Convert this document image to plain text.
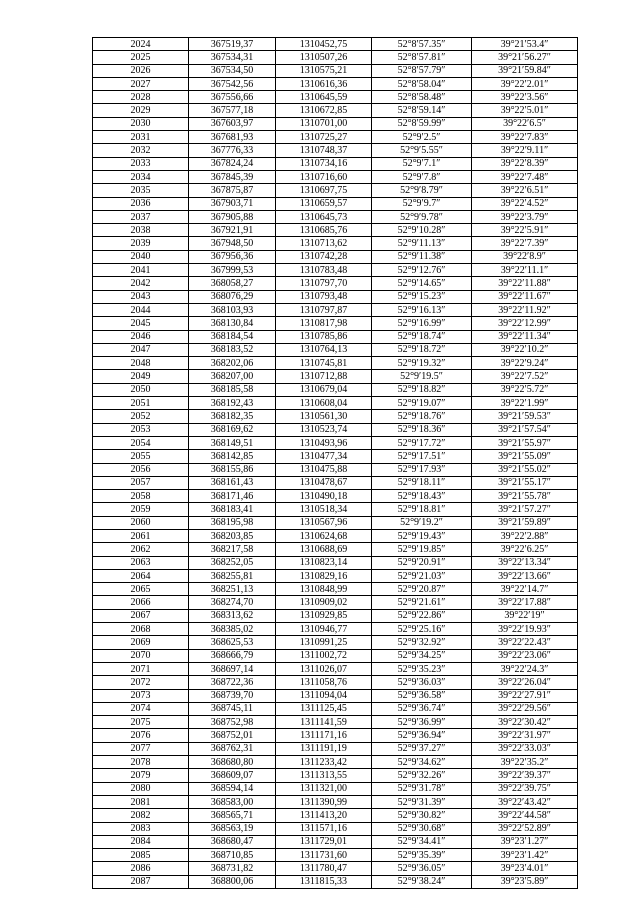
2024	367519,37	1310452,75	52°8′57.35″	39°21′53.4″
2025	367534,31	1310507,26	52°8′57.81″	39°21′56.27″
2026	367534,50	1310575,21	52°8′57.79″	39°21′59.84″
2027	367542,56	1310616,36	52°8′58.04″	39°22′2.01″
2028	367556,66	1310645,59	52°8′58.48″	39°22′3.56″
2029	367577,18	1310672,85	52°8′59.14″	39°22′5.01″
2030	367603,97	1310701,00	52°8′59.99″	39°22′6.5″
2031	367681,93	1310725,27	52°9′2.5″	39°22′7.83″
2032	367776,33	1310748,37	52°9′5.55″	39°22′9.11″
2033	367824,24	1310734,16	52°9′7.1″	39°22′8.39″
2034	367845,39	1310716,60	52°9′7.8″	39°22′7.48″
2035	367875,87	1310697,75	52°9′8.79″	39°22′6.51″
2036	367903,71	1310659,57	52°9′9.7″	39°22′4.52″
2037	367905,88	1310645,73	52°9′9.78″	39°22′3.79″
2038	367921,91	1310685,76	52°9′10.28″	39°22′5.91″
2039	367948,50	1310713,62	52°9′11.13″	39°22′7.39″
2040	367956,36	1310742,28	52°9′11.38″	39°22′8.9″
2041	367999,53	1310783,48	52°9′12.76″	39°22′11.1″
2042	368058,27	1310797,70	52°9′14.65″	39°22′11.88″
2043	368076,29	1310793,48	52°9′15.23″	39°22′11.67″
2044	368103,93	1310797,87	52°9′16.13″	39°22′11.92″
2045	368130,84	1310817,98	52°9′16.99″	39°22′12.99″
2046	368184,54	1310785,86	52°9′18.74″	39°22′11.34″
2047	368183,52	1310764,13	52°9′18.72″	39°22′10.2″
2048	368202,06	1310745,81	52°9′19.32″	39°22′9.24″
2049	368207,00	1310712,88	52°9′19.5″	39°22′7.52″
2050	368185,58	1310679,04	52°9′18.82″	39°22′5.72″
2051	368192,43	1310608,04	52°9′19.07″	39°22′1.99″
2052	368182,35	1310561,30	52°9′18.76″	39°21′59.53″
2053	368169,62	1310523,74	52°9′18.36″	39°21′57.54″
2054	368149,51	1310493,96	52°9′17.72″	39°21′55.97″
2055	368142,85	1310477,34	52°9′17.51″	39°21′55.09″
2056	368155,86	1310475,88	52°9′17.93″	39°21′55.02″
2057	368161,43	1310478,67	52°9′18.11″	39°21′55.17″
2058	368171,46	1310490,18	52°9′18.43″	39°21′55.78″
2059	368183,41	1310518,34	52°9′18.81″	39°21′57.27″
2060	368195,98	1310567,96	52°9′19.2″	39°21′59.89″
2061	368203,85	1310624,68	52°9′19.43″	39°22′2.88″
2062	368217,58	1310688,69	52°9′19.85″	39°22′6.25″
2063	368252,05	1310823,14	52°9′20.91″	39°22′13.34″
2064	368255,81	1310829,16	52°9′21.03″	39°22′13.66″
2065	368251,13	1310848,99	52°9′20.87″	39°22′14.7″
2066	368274,70	1310909,02	52°9′21.61″	39°22′17.88″
2067	368313,62	1310929,85	52°9′22.86″	39°22′19″
2068	368385,02	1310946,77	52°9′25.16″	39°22′19.93″
2069	368625,53	1310991,25	52°9′32.92″	39°22′22.43″
2070	368666,79	1311002,72	52°9′34.25″	39°22′23.06″
2071	368697,14	1311026,07	52°9′35.23″	39°22′24.3″
2072	368722,36	1311058,76	52°9′36.03″	39°22′26.04″
2073	368739,70	1311094,04	52°9′36.58″	39°22′27.91″
2074	368745,11	1311125,45	52°9′36.74″	39°22′29.56″
2075	368752,98	1311141,59	52°9′36.99″	39°22′30.42″
2076	368752,01	1311171,16	52°9′36.94″	39°22′31.97″
2077	368762,31	1311191,19	52°9′37.27″	39°22′33.03″
2078	368680,80	1311233,42	52°9′34.62″	39°22′35.2″
2079	368609,07	1311313,55	52°9′32.26″	39°22′39.37″
2080	368594,14	1311321,00	52°9′31.78″	39°22′39.75″
2081	368583,00	1311390,99	52°9′31.39″	39°22′43.42″
2082	368565,71	1311413,20	52°9′30.82″	39°22′44.58″
2083	368563,19	1311571,16	52°9′30.68″	39°22′52.89″
2084	368680,47	1311729,01	52°9′34.41″	39°23′1.27″
2085	368710,85	1311731,60	52°9′35.39″	39°23′1.42″
2086	368731,82	1311780,47	52°9′36.05″	39°23′4.01″
2087	368800,06	1311815,33	52°9′38.24″	39°23′5.89″
